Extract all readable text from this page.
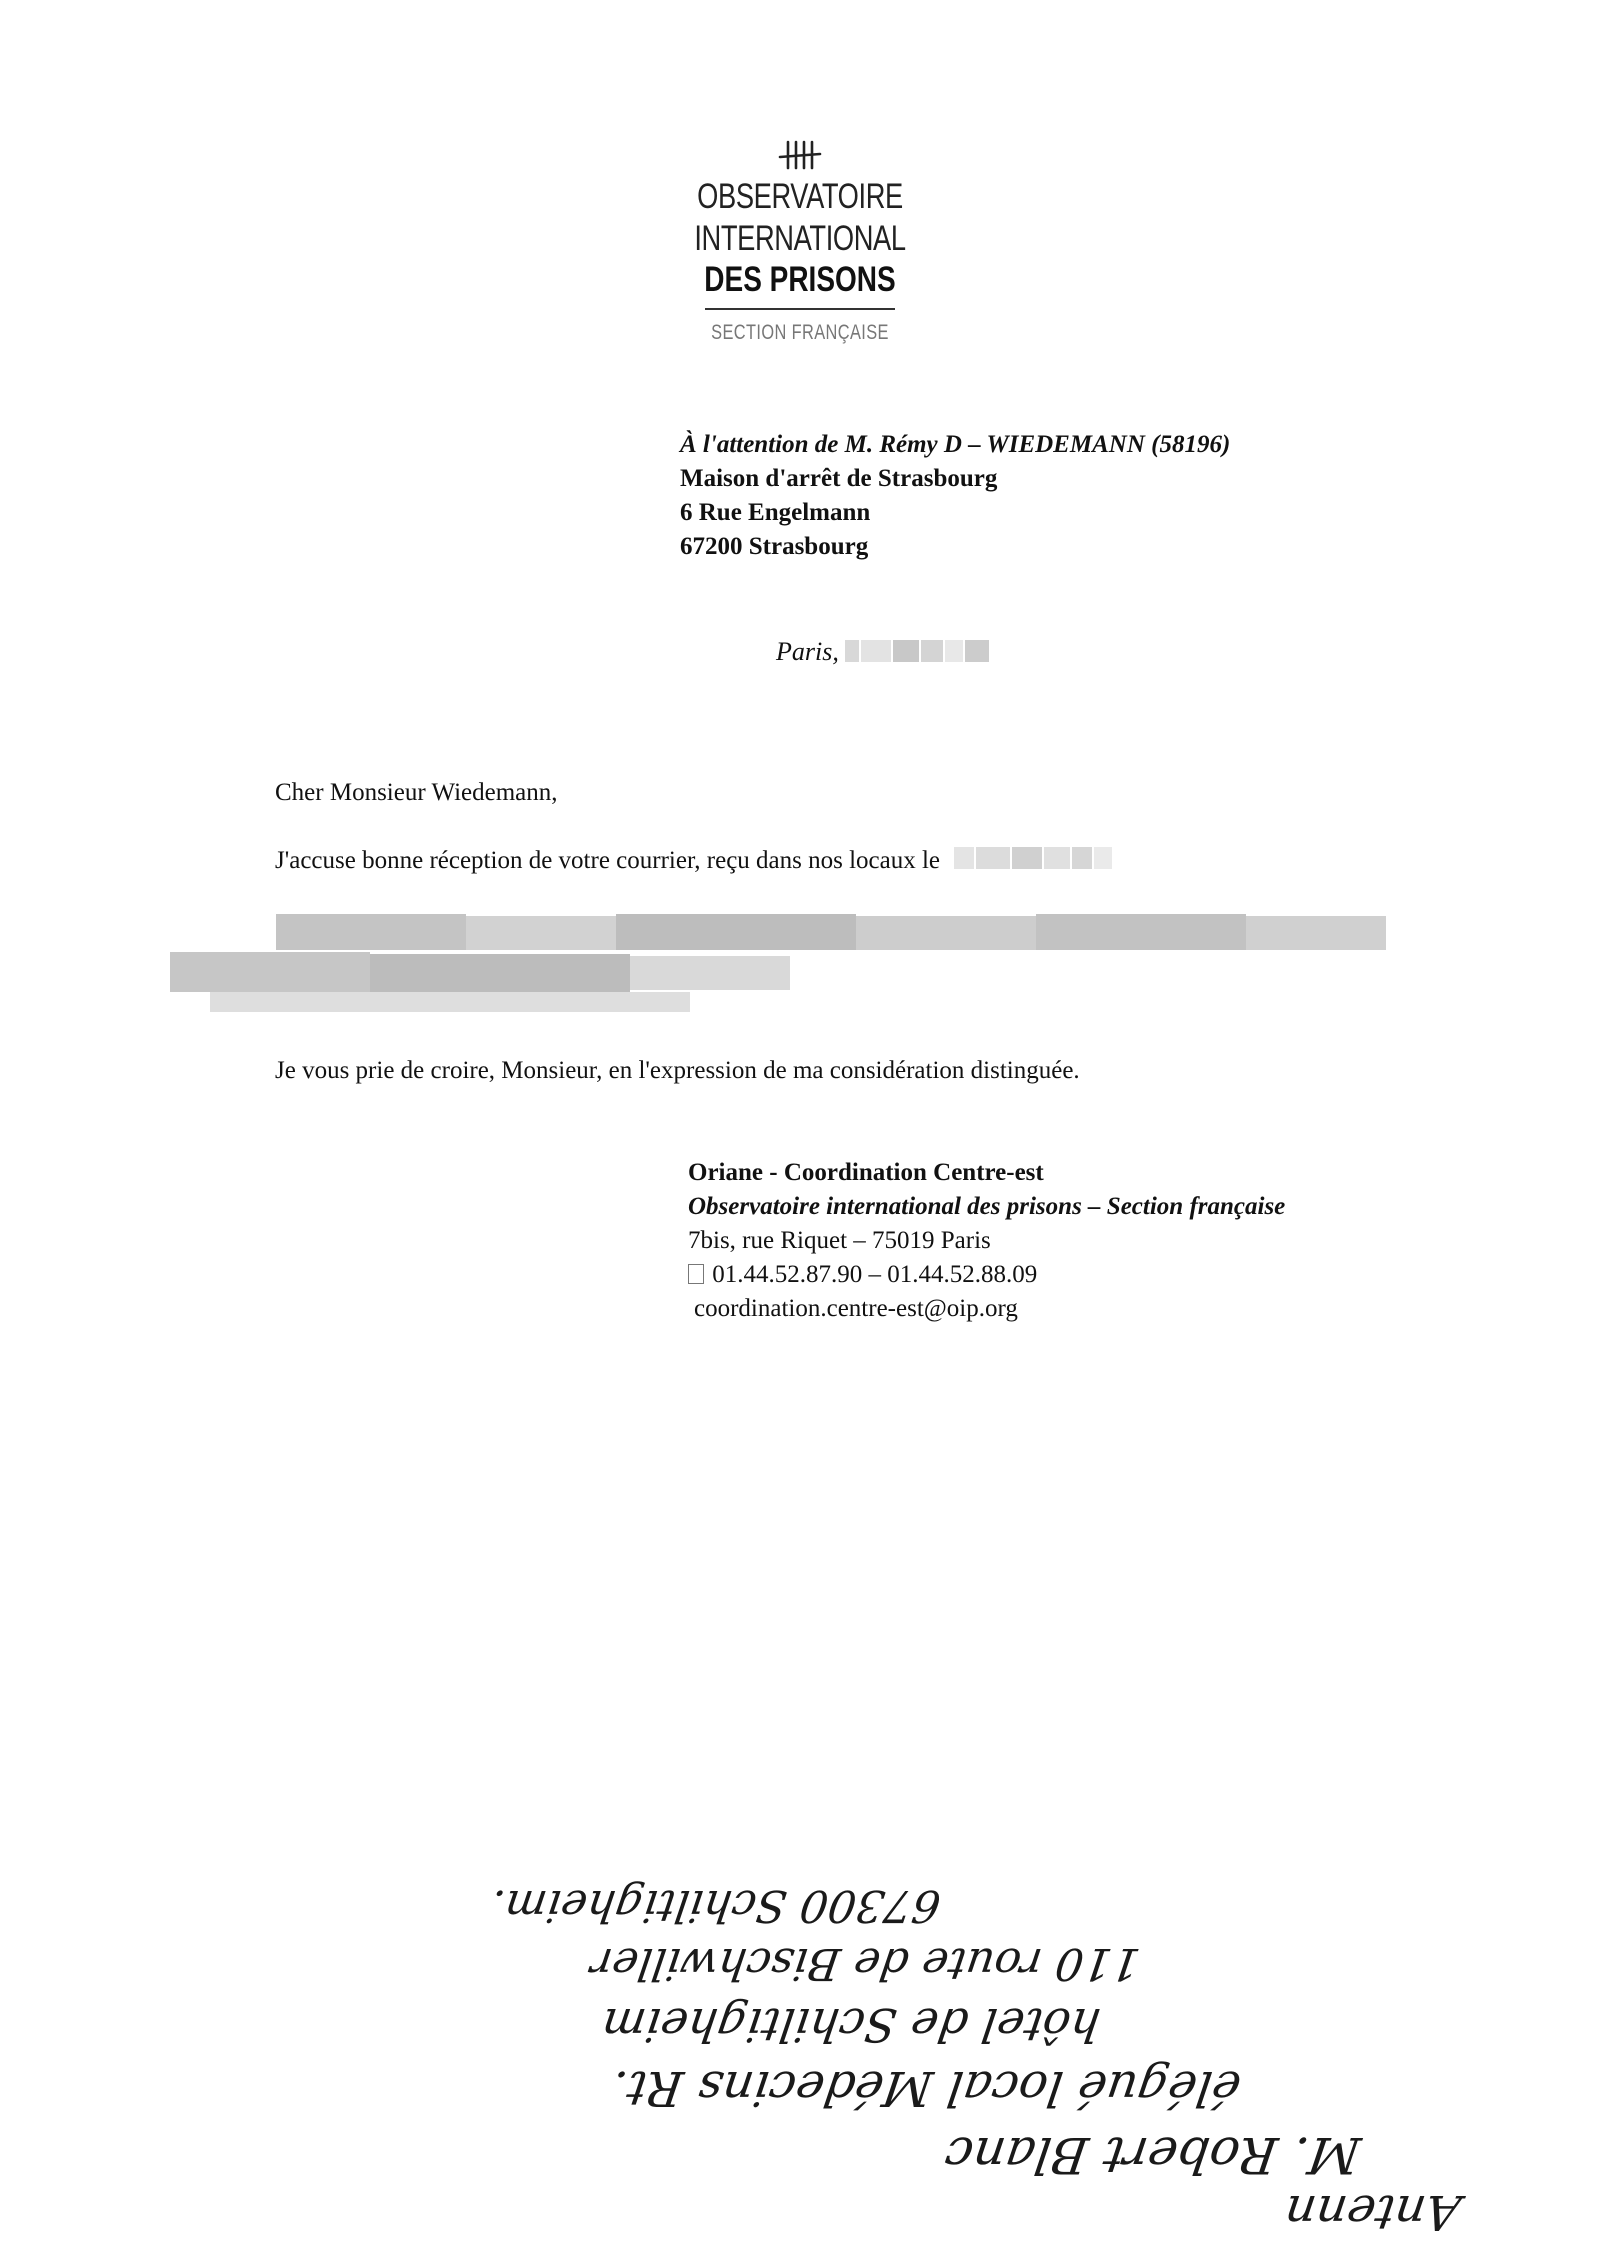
OBSERVATOIRE INTERNATIONAL
DES PRISONS
SECTION FRANÇAISE
À l'attention de M. Rémy D – WIEDEMANN (58196)
Maison d'arrêt de Strasbourg
6 Rue Engelmann
67200 Strasbourg
Paris,
Cher Monsieur Wiedemann,
J'accuse bonne réception de votre courrier, reçu dans nos locaux le
Je vous prie de croire, Monsieur, en l'expression de ma considération distinguée.
Oriane - Coordination Centre-est
Observatoire international des prisons – Section française
7bis, rue Riquet – 75019 Paris
01.44.52.87.90 – 01.44.52.88.09
coordination.centre-est@oip.org
67300 Schiltigheim.
110 route de Bischwiller
hôtel de Schiltigheim
élégué local Médecins Rt.
M. Robert Blanc
Antenn
